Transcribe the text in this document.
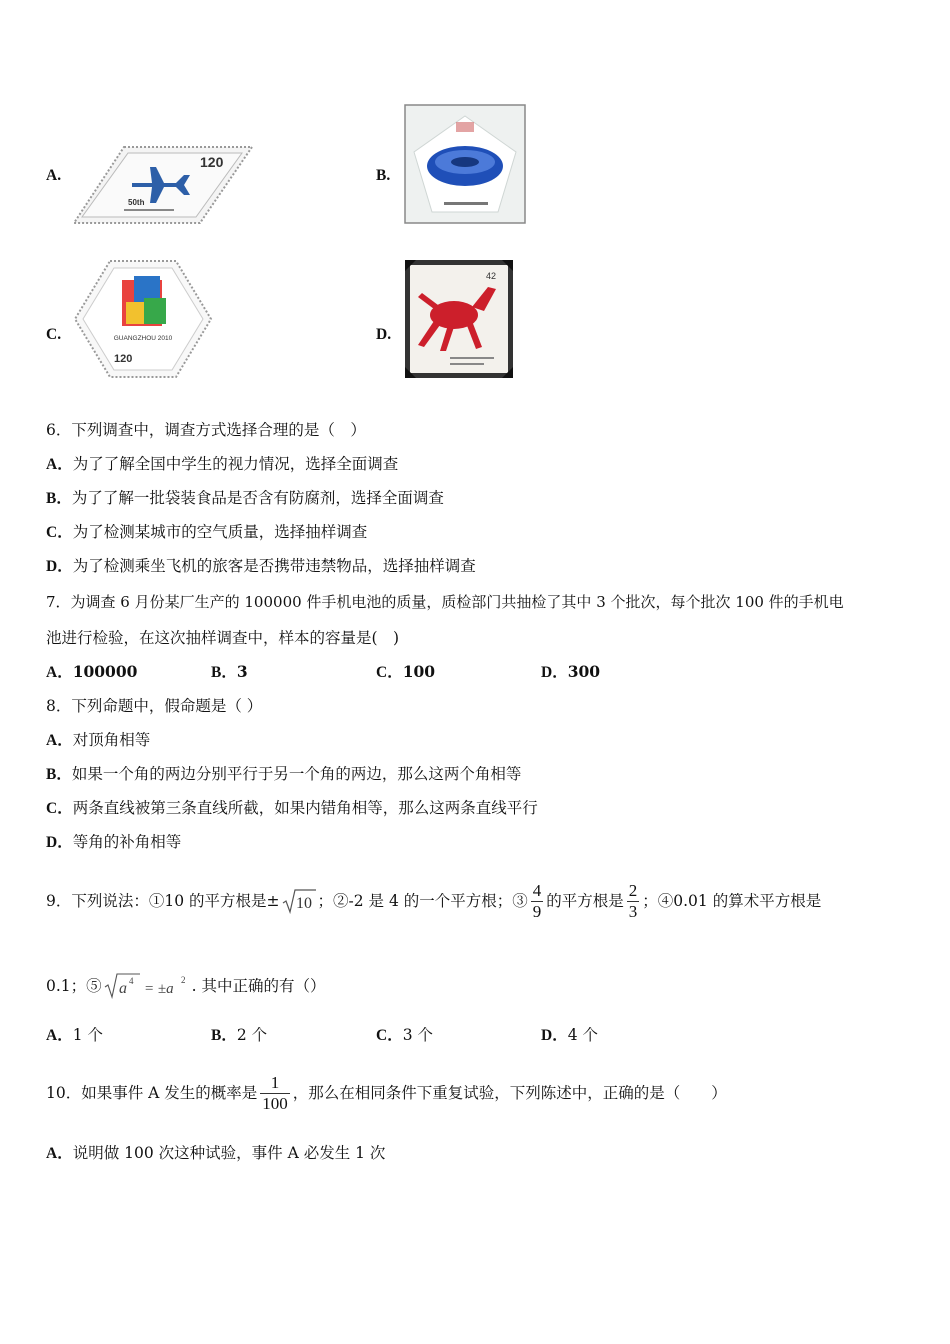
A.
120
50th
B.
C.	GUANGZHOU 2010
120
D.
42
6．下列调查中，调查方式选择合理的是（　）
A．为了了解全国中学生的视力情况，选择全面调查
B．为了了解一批袋装食品是否含有防腐剂，选择全面调查
C．为了检测某城市的空气质量，选择抽样调查
D．为了检测乘坐飞机的旅客是否携带违禁物品，选择抽样调查
7．为调查 6 月份某厂生产的 100000 件手机电池的质量，质检部门共抽检了其中 3 个批次，每个批次 100 件的手机电
池进行检验，在这次抽样调查中，样本的容量是(　)
A．100000	B．3	C．100	D．300
8．下列命题中，假命题是（ ）
A．对顶角相等
B．如果一个角的两边分别平行于另一个角的两边，那么这两个角相等
C．两条直线被第三条直线所截，如果内错角相等，那么这两条直线平行
D．等角的补角相等
9．下列说法：①10 的平方根是± 10 ；②-2 是 4 的一个平方根；③ $\frac{4}{9}$ 的平方根是 $\frac{2}{3}$ ；④0.01 的算术平方根是
0.1；⑤ a 4 = ±a
2 . 其中正确的有（）
A．1 个	B．2 个	C．3 个	D．4 个
10．如果事件 A 发生的概率是 $\frac{1}{100}$ ，那么在相同条件下重复试验，下列陈述中，正确的是（　　）
A．说明做 100 次这种试验，事件 A 必发生 1 次
